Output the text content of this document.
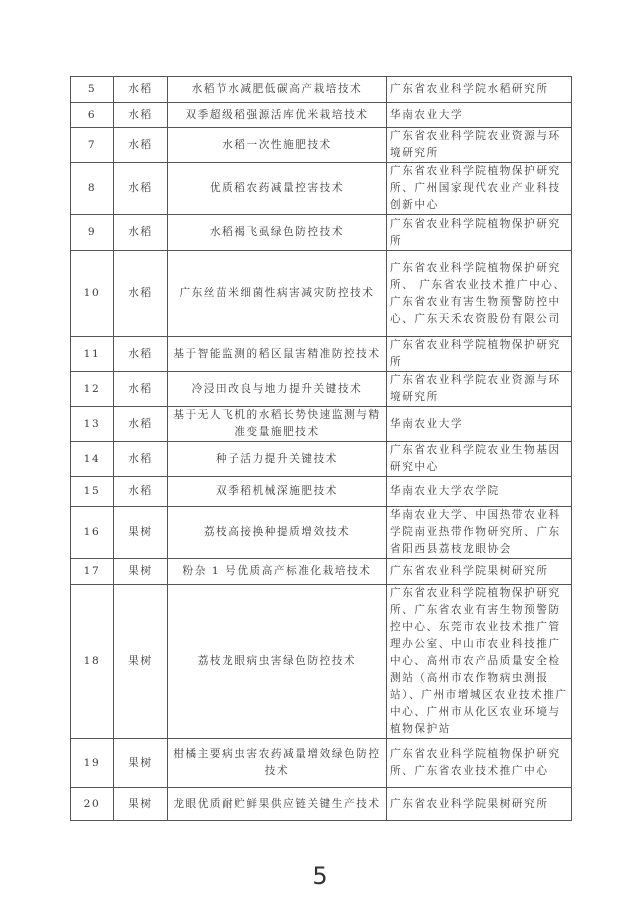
5	水稻	水稻节水减肥低碳高产栽培技术	广东省农业科学院水稻研究所
6	水稻	双季超级稻强源活库优米栽培技术	华南农业大学
7	水稻	水稻一次性施肥技术	广东省农业科学院农业资源与环境研究所
8	水稻	优质稻农药减量控害技术	广东省农业科学院植物保护研究所、广州国家现代农业产业科技创新中心
9	水稻	水稻褐飞虱绿色防控技术	广东省农业科学院植物保护研究所
10	水稻	广东丝苗米细菌性病害减灾防控技术	广东省农业科学院植物保护研究所、 广东省农业技术推广中心、广东省农业有害生物预警防控中心、广东天禾农资股份有限公司
11	水稻	基于智能监测的稻区鼠害精准防控技术	广东省农业科学院植物保护研究所
12	水稻	冷浸田改良与地力提升关键技术	广东省农业科学院农业资源与环境研究所
13	水稻	基于无人飞机的水稻长势快速监测与精准变量施肥技术	华南农业大学
14	水稻	种子活力提升关键技术	广东省农业科学院农业生物基因研究中心
15	水稻	双季稻机械深施肥技术	华南农业大学农学院
16	果树	荔枝高接换种提质增效技术	华南农业大学、中国热带农业科学院南亚热带作物研究所、广东省阳西县荔枝龙眼协会
17	果树	粉杂 1 号优质高产标准化栽培技术	广东省农业科学院果树研究所
18	果树	荔枝龙眼病虫害绿色防控技术	广东省农业科学院植物保护研究所、广东省农业有害生物预警防控中心、东莞市农业技术推广管理办公室、中山市农业科技推广中心、高州市农产品质量安全检测站（高州市农作物病虫测报站）、广州市增城区农业技术推广中心、广州市从化区农业环境与植物保护站
19	果树	柑橘主要病虫害农药减量增效绿色防控技术	广东省农业科学院植物保护研究所、广东省农业技术推广中心
20	果树	龙眼优质耐贮鲜果供应链关键生产技术	广东省农业科学院果树研究所
5
